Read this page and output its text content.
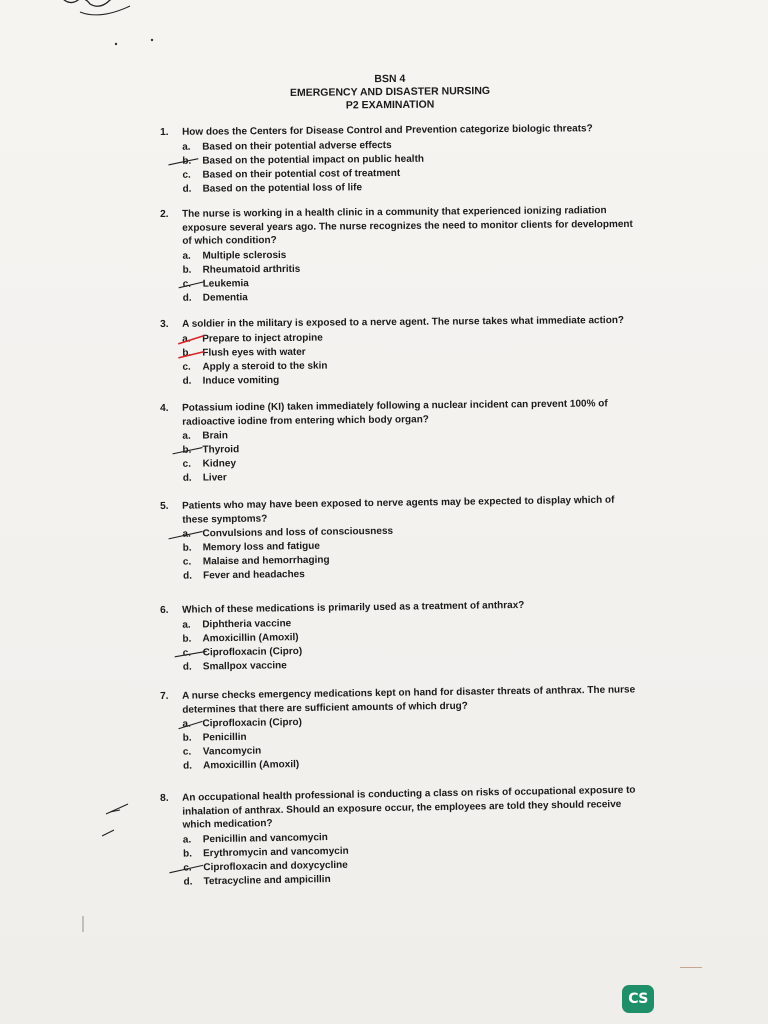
BSN 4
EMERGENCY AND DISASTER NURSING
P2 EXAMINATION
1.	How does the Centers for Disease Control and Prevention categorize biologic threats?
a.	Based on their potential adverse effects
b.	Based on the potential impact on public health
c.	Based on their potential cost of treatment
d.	Based on the potential loss of life
2.	The nurse is working in a health clinic in a community that experienced ionizing radiation exposure several years ago. The nurse recognizes the need to monitor clients for development of which condition?
a.	Multiple sclerosis
b.	Rheumatoid arthritis
c.	Leukemia
d.	Dementia
3.	A soldier in the military is exposed to a nerve agent. The nurse takes what immediate action?
a.	Prepare to inject atropine
b.	Flush eyes with water
c.	Apply a steroid to the skin
d.	Induce vomiting
4.	Potassium iodine (KI) taken immediately following a nuclear incident can prevent 100% of radioactive iodine from entering which body organ?
a.	Brain
b.	Thyroid
c.	Kidney
d.	Liver
5.	Patients who may have been exposed to nerve agents may be expected to display which of these symptoms?
a.	Convulsions and loss of consciousness
b.	Memory loss and fatigue
c.	Malaise and hemorrhaging
d.	Fever and headaches
6.	Which of these medications is primarily used as a treatment of anthrax?
a.	Diphtheria vaccine
b.	Amoxicillin (Amoxil)
c.	Ciprofloxacin (Cipro)
d.	Smallpox vaccine
7.	A nurse checks emergency medications kept on hand for disaster threats of anthrax. The nurse determines that there are sufficient amounts of which drug?
a.	Ciprofloxacin (Cipro)
b.	Penicillin
c.	Vancomycin
d.	Amoxicillin (Amoxil)
8.	An occupational health professional is conducting a class on risks of occupational exposure to inhalation of anthrax. Should an exposure occur, the employees are told they should receive which medication?
a.	Penicillin and vancomycin
b.	Erythromycin and vancomycin
c.	Ciprofloxacin and doxycycline
d.	Tetracycline and ampicillin
CS
